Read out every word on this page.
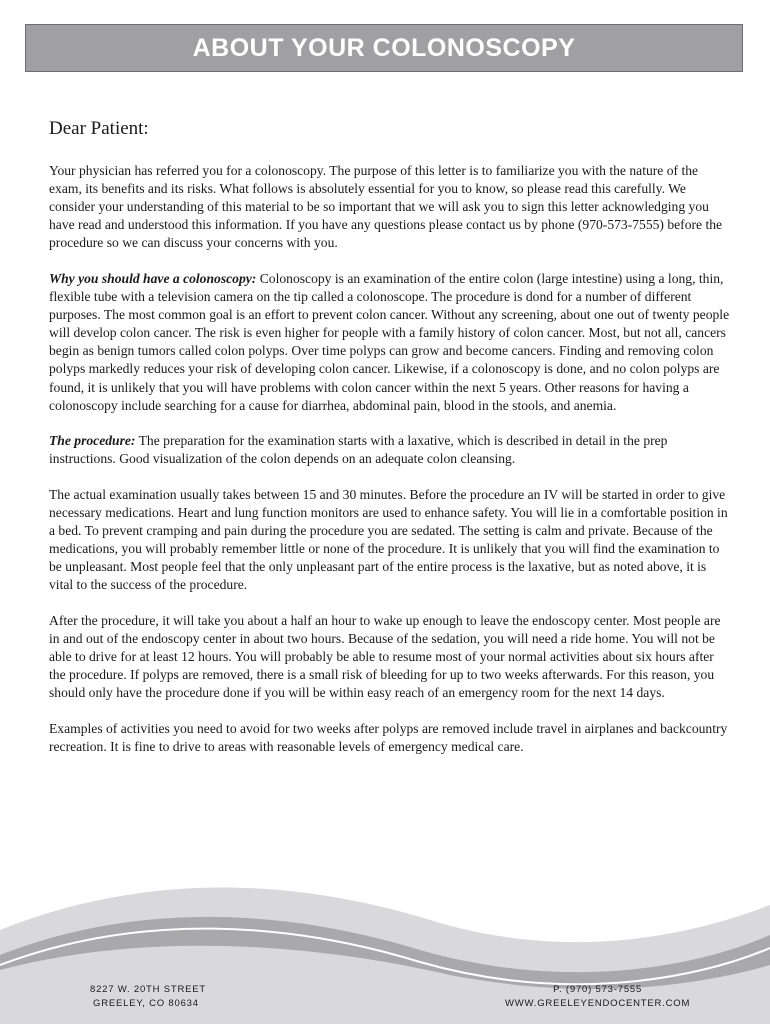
ABOUT YOUR COLONOSCOPY
Dear Patient:

Your physician has referred you for a colonoscopy. The purpose of this letter is to familiarize you with the nature of the exam, its benefits and its risks. What follows is absolutely essential for you to know, so please read this carefully. We consider your understanding of this material to be so important that we will ask you to sign this letter acknowledging you have read and understood this information. If you have any questions please contact us by phone (970-573-7555) before the procedure so we can discuss your concerns with you.

Why you should have a colonoscopy: Colonoscopy is an examination of the entire colon (large intestine) using a long, thin, flexible tube with a television camera on the tip called a colonoscope. The procedure is dond for a number of different purposes. The most common goal is an effort to prevent colon cancer. Without any screening, about one out of twenty people will develop colon cancer. The risk is even higher for people with a family history of colon cancer. Most, but not all, cancers begin as benign tumors called colon polyps. Over time polyps can grow and become cancers. Finding and removing colon polyps markedly reduces your risk of developing colon cancer. Likewise, if a colonoscopy is done, and no colon polyps are found, it is unlikely that you will have problems with colon cancer within the next 5 years. Other reasons for having a colonoscopy include searching for a cause for diarrhea, abdominal pain, blood in the stools, and anemia.

The procedure: The preparation for the examination starts with a laxative, which is described in detail in the prep instructions. Good visualization of the colon depends on an adequate colon cleansing.

The actual examination usually takes between 15 and 30 minutes. Before the procedure an IV will be started in order to give necessary medications. Heart and lung function monitors are used to enhance safety. You will lie in a comfortable position in a bed. To prevent cramping and pain during the procedure you are sedated. The setting is calm and private. Because of the medications, you will probably remember little or none of the procedure. It is unlikely that you will find the examination to be unpleasant. Most people feel that the only unpleasant part of the entire process is the laxative, but as noted above, it is vital to the success of the procedure.

After the procedure, it will take you about a half an hour to wake up enough to leave the endoscopy center. Most people are in and out of the endoscopy center in about two hours. Because of the sedation, you will need a ride home. You will not be able to drive for at least 12 hours. You will probably be able to resume most of your normal activities about six hours after the procedure. If polyps are removed, there is a small risk of bleeding for up to two weeks afterwards. For this reason, you should only have the procedure done if you will be within easy reach of an emergency room for the next 14 days.

Examples of activities you need to avoid for two weeks after polyps are removed include travel in airplanes and backcountry recreation. It is fine to drive to areas with reasonable levels of emergency medical care.

8227 W. 20TH STREET
GREELEY, CO 80634
P. (970) 573-7555
WWW.GREELEYENDOCENTER.COM
